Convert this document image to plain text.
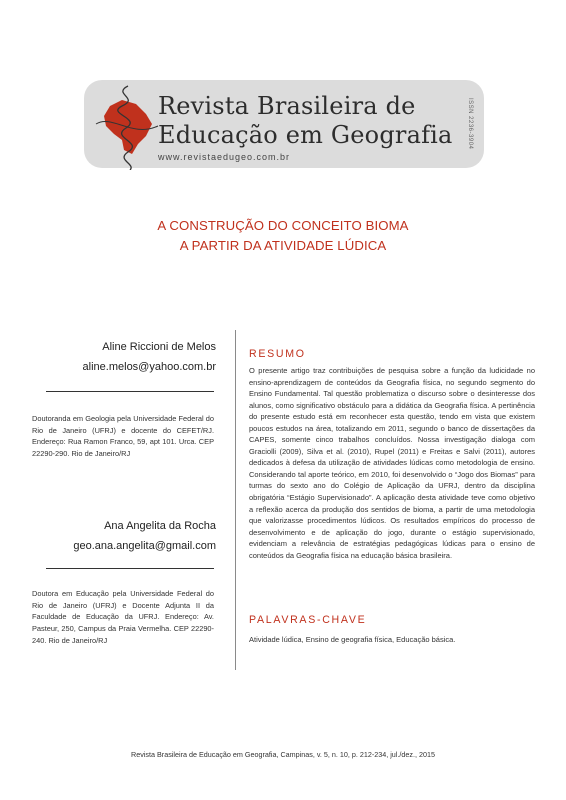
Revista Brasileira de
Educação em Geografia
www.revistaedugeo.com.br
ISSN 2236-3904
A CONSTRUÇÃO DO CONCEITO BIOMA
A PARTIR DA ATIVIDADE LÚDICA
Aline Riccioni de Melos
aline.melos@yahoo.com.br
Doutoranda em Geologia pela Universidade Federal do Rio de Janeiro (UFRJ) e docente do CEFET/RJ. Endereço: Rua Ramon Franco, 59, apt 101. Urca. CEP 22290-290. Rio de Janeiro/RJ
Ana Angelita da Rocha
geo.ana.angelita@gmail.com
Doutora em Educação pela Universidade Federal do Rio de Janeiro (UFRJ) e Docente Adjunta II da Faculdade de Educação da UFRJ. Endereço: Av. Pasteur, 250, Campus da Praia Vermelha. CEP 22290-240. Rio de Janeiro/RJ
RESUMO
O presente artigo traz contribuições de pesquisa sobre a função da ludicidade no ensino-aprendizagem de conteúdos da Geografia física, no segundo segmento do Ensino Fundamental. Tal questão problematiza o discurso sobre o desinteresse dos alunos, como significativo obstáculo para a didática da Geografia física. A pertinência do presente estudo está em reconhecer esta questão, tendo em vista que existem poucos estudos na área, totalizando em 2011, segundo o banco de dissertações da CAPES, somente cinco trabalhos concluídos. Nossa investigação dialoga com Graciolli (2009), Silva et al. (2010), Rupel (2011) e Freitas e Salvi (2011), autores dedicados à defesa da utilização de atividades lúdicas como metodologia de ensino. Considerando tal aporte teórico, em 2010, foi desenvolvido o “Jogo dos Biomas” para turmas do sexto ano do Colégio de Aplicação da UFRJ, dentro da disciplina obrigatória “Estágio Supervisionado”. A aplicação desta atividade teve como objetivo a reflexão acerca da produção dos sentidos de bioma, a partir de uma metodologia que valorizasse procedimentos lúdicos. Os resultados empíricos do processo de desenvolvimento e de aplicação do jogo, durante o estágio supervisionado, evidenciam a relevância de estratégias pedagógicas lúdicas para o ensino de conteúdos da Geografia física na educação básica brasileira.
PALAVRAS-CHAVE
Atividade lúdica, Ensino de geografia física, Educação básica.
Revista Brasileira de Educação em Geografia, Campinas, v. 5, n. 10, p. 212-234, jul./dez., 2015
